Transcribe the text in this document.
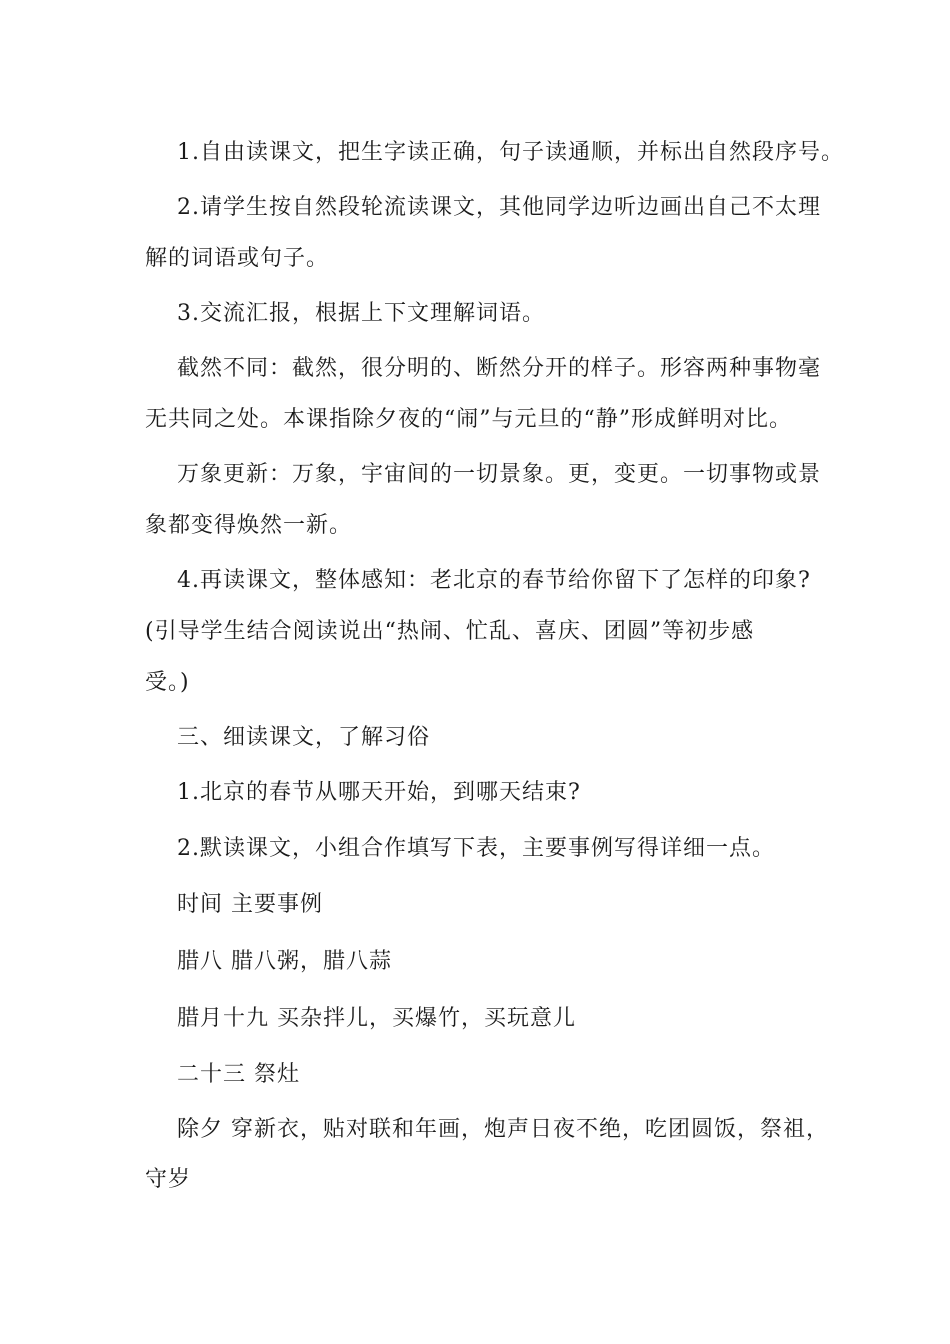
1.自由读课文，把生字读正确，句子读通顺，并标出自然段序号。
2.请学生按自然段轮流读课文，其他同学边听边画出自己不太理
解的词语或句子。
3.交流汇报，根据上下文理解词语。
截然不同：截然，很分明的、断然分开的样子。形容两种事物毫
无共同之处。本课指除夕夜的“闹”与元旦的“静”形成鲜明对比。
万象更新：万象，宇宙间的一切景象。更，变更。一切事物或景
象都变得焕然一新。
4.再读课文，整体感知：老北京的春节给你留下了怎样的印象?
(引导学生结合阅读说出“热闹、忙乱、喜庆、团圆”等初步感
受。)
三、细读课文，了解习俗
1.北京的春节从哪天开始，到哪天结束?
2.默读课文，小组合作填写下表，主要事例写得详细一点。
时间 主要事例
腊八 腊八粥，腊八蒜
腊月十九 买杂拌儿，买爆竹，买玩意儿
二十三 祭灶
除夕 穿新衣，贴对联和年画，炮声日夜不绝，吃团圆饭，祭祖，
守岁
